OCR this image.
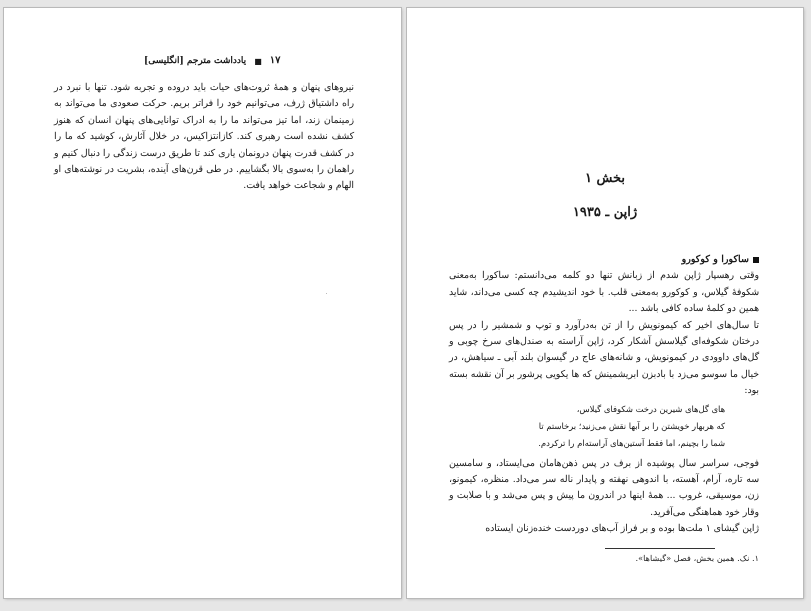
یادداشت مترجم [انگلیسی] ■ ۱۷

نیروهای پنهان و همهٔ ثروت‌های حیات باید درو‌ده و تجربه شود. تنها با نبرد در راه داشتیاق ژرف، می‌توانیم خود را فراتر بریم. حرکت صعودی ما می‌تواند به زمینمان زند، اما تیز می‌تواند ما را به ادراک توانایی‌های پنهان انسان که هنوز کشف نشده است رهبری کند. کازانتزاکیس، در خلال آثارش، کوشید که ما را در کشف قدرت پنهان درونمان یاری کند تا طریق درست زندگی را دنبال کنیم و راهمان را به‌سوی بالا بگشاییم. در طی قرن‌های آینده، بشریت در نوشته‌های او الهام و شجاعت خواهد یافت.	بخش ۱
ژاپن ـ ۱۹۳۵
ساکورا و کوکورو

وقتی رهسپار ژاپن شدم از زبانش تنها دو کلمه می‌دانستم: ساکورا به‌معنی شکوفهٔ گیلاس، و کوکورو به‌معنی قلب. با خود اندیشیدم چه کسی می‌داند، شاید همین دو کلمهٔ ساده کافی باشد ...

تا سال‌های اخیر که کیمونویش را از تن به‌درآورد و توپ و شمشیر را در پس درختان شکوفه‌ای گیلاسش آشکار کرد، ژاپن آراسته به صندل‌های سرخ چوبی و گل‌های داوودی در کیمونویش، و شانه‌های عاج در گیسوان بلند آبی ـ سیاهش، در خیال ما سوسو می‌زد با بادبزن ابریشمینش که ها یکویی پرشور بر آن نقشه بسته بود:

های گل‌های شیرین درخت شکوفای گیلاس،
که هربهار خویشتن را بر آبها نقش می‌زنید؛ برخاستم تا
شما را بچینم، اما فقط آستین‌های آراسته‌ام را ترکردم.

فوجی، سراسر سال پوشیده از برف در پس ذهن‌هامان می‌ایستاد، و سامسین سه تاره، آرام، آهسته، با اندوهی نهفته و پایدار ناله سر می‌داد. منظره، کیمونو، زن، موسیقی، غروب ... همهٔ اینها در اندرون ما پیش و پس می‌شد و با صلابت و وقار خود هماهنگی می‌آفرید.

ژاپن گیشای ۱ ملت‌ها بوده و بر فراز آب‌های دوردست خنده‌زنان ایستاده

۱. نک. همین بخش، فصل «گیشاها».
